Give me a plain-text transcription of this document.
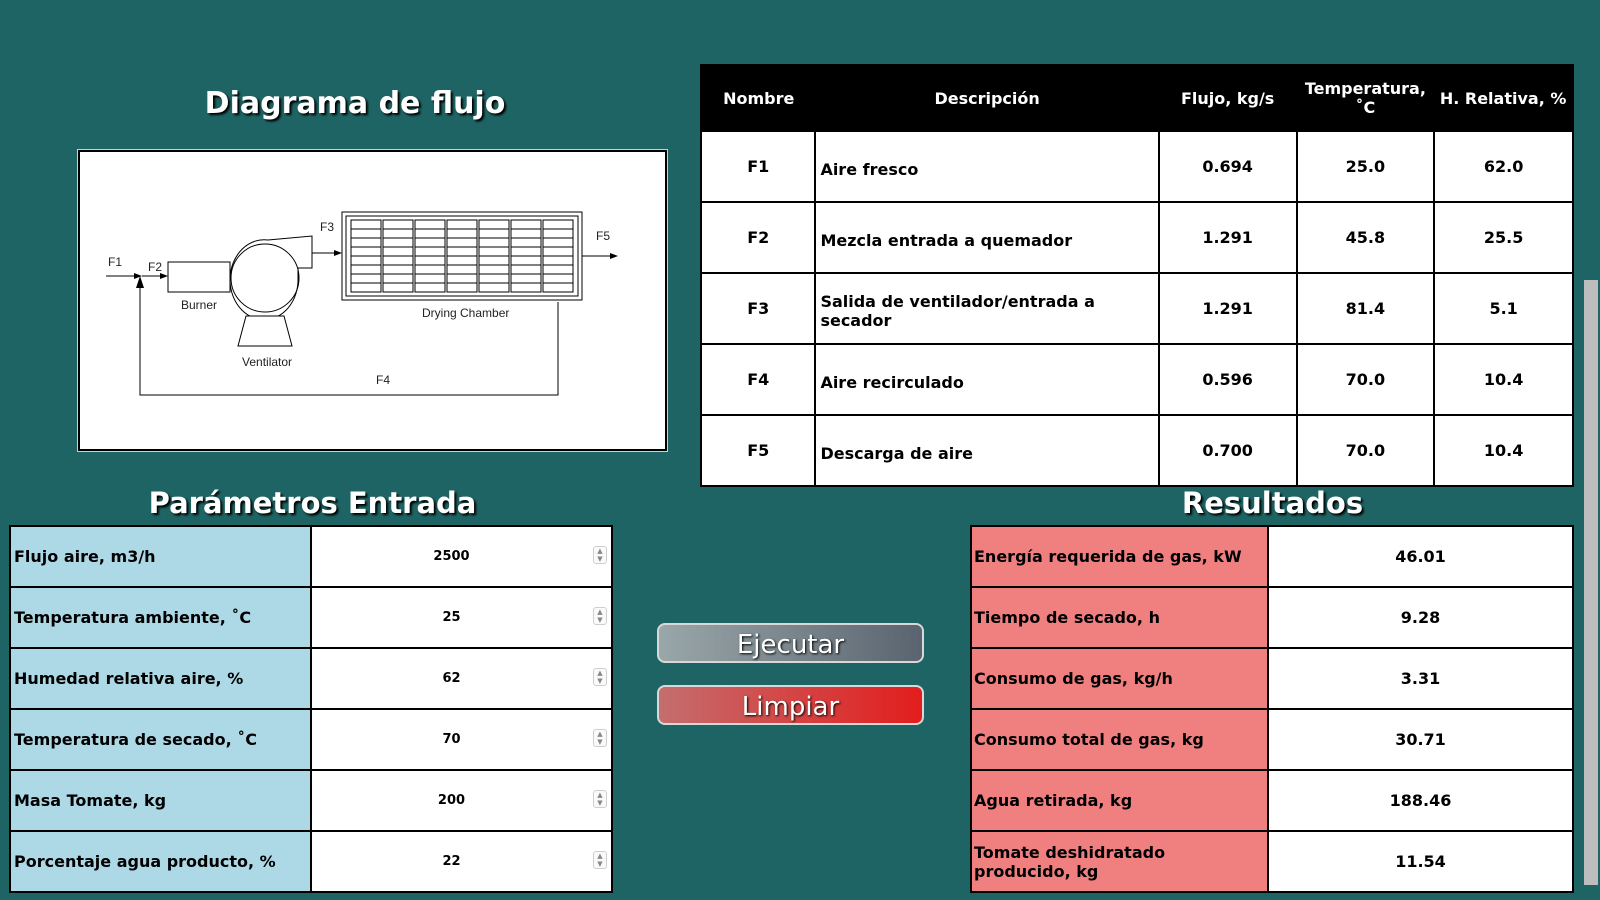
Diagrama de flujo
F1 F2
F3
F4
F5
Burner
Ventilator
Drying Chamber
Nombre	Descripción	Flujo, kg/s	Temperatura, ˚C	H. Relativa, %
F1	Aire fresco	0.694	25.0	62.0
F2	Mezcla entrada a quemador	1.291	45.8	25.5
F3	Salida de ventilador/entrada a secador	1.291	81.4	5.1
F4	Aire recirculado	0.596	70.0	10.4
F5	Descarga de aire	0.700	70.0	10.4
Parámetros Entrada
Flujo aire, m3/h	2500 ▲
▼

Temperatura ambiente, ˚C	25 ▲
▼

Humedad relativa aire, %	62 ▲
▼

Temperatura de secado, ˚C	70 ▲
▼

Masa Tomate, kg	200 ▲
▼

Porcentaje agua producto, %	22 ▲
▼
Ejecutar
Limpiar
Resultados
Energía requerida de gas, kW	46.01
Tiempo de secado, h	9.28
Consumo de gas, kg/h	3.31
Consumo total de gas, kg	30.71
Agua retirada, kg	188.46
Tomate deshidratado producido, kg	11.54
